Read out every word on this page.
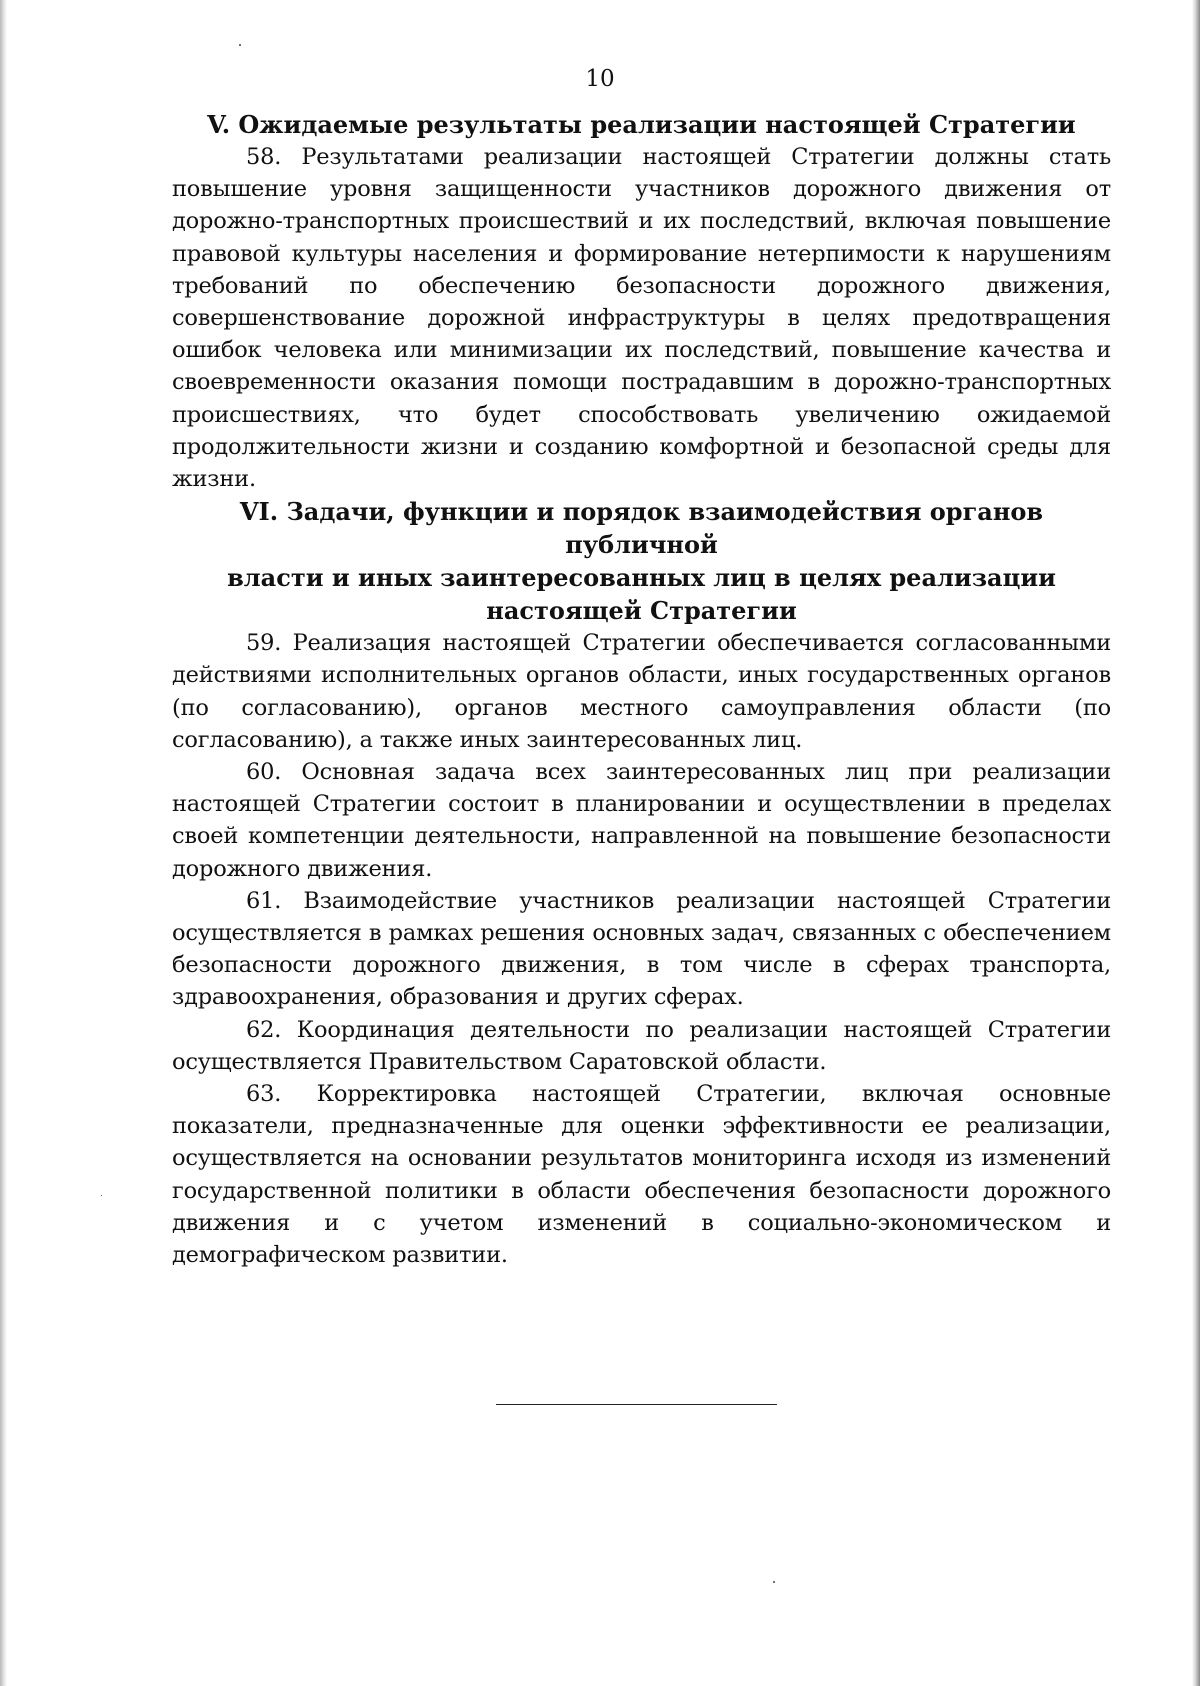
10
V. Ожидаемые результаты реализации настоящей Стратегии

58. Результатами реализации настоящей Стратегии должны стать повышение уровня защищенности участников дорожного движения от дорожно-транспортных происшествий и их последствий, включая повышение правовой культуры населения и формирование нетерпимости к нарушениям требований по обеспечению безопасности дорожного движения, совершенствование дорожной инфраструктуры в целях предотвращения ошибок человека или минимизации их последствий, повышение качества и своевременности оказания помощи пострадавшим в дорожно-транспортных происшествиях, что будет способствовать увеличению ожидаемой продолжительности жизни и созданию комфортной и безопасной среды для жизни.

VI. Задачи, функции и порядок взаимодействия органов публичной
власти и иных заинтересованных лиц в целях реализации
настоящей Стратегии

59. Реализация настоящей Стратегии обеспечивается согласованными действиями исполнительных органов области, иных государственных органов (по согласованию), органов местного самоуправления области (по согласованию), а также иных заинтересованных лиц.

60. Основная задача всех заинтересованных лиц при реализации настоящей Стратегии состоит в планировании и осуществлении в пределах своей компетенции деятельности, направленной на повышение безопасности дорожного движения.

61. Взаимодействие участников реализации настоящей Стратегии осуществляется в рамках решения основных задач, связанных с обеспечением безопасности дорожного движения, в том числе в сферах транспорта, здравоохранения, образования и других сферах.

62. Координация деятельности по реализации настоящей Стратегии осуществляется Правительством Саратовской области.

63. Корректировка настоящей Стратегии, включая основные показатели, предназначенные для оценки эффективности ее реализации, осуществляется на основании результатов мониторинга исходя из изменений государственной политики в области обеспечения безопасности дорожного движения и с учетом изменений в социально-экономическом и демографическом развитии.
